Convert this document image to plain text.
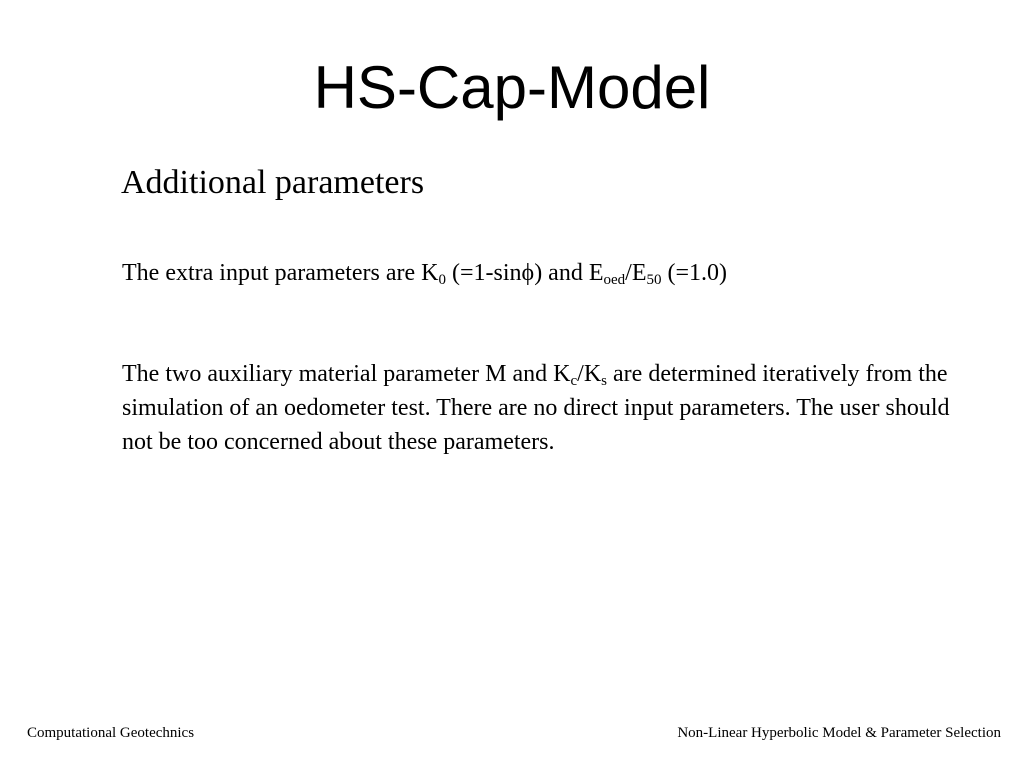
HS-Cap-Model
Additional parameters

The extra input parameters are $K_0$ (=1-sinϕ) and $E_{oed}/E_{50}$ (=1.0)

The two auxiliary material parameter M and $K_c/K_s$ are determined iteratively from the simulation of an oedometer test. There are no direct input parameters. The user should not be too concerned about these parameters.

Computational Geotechnics	Non-Linear Hyperbolic Model & Parameter Selection
